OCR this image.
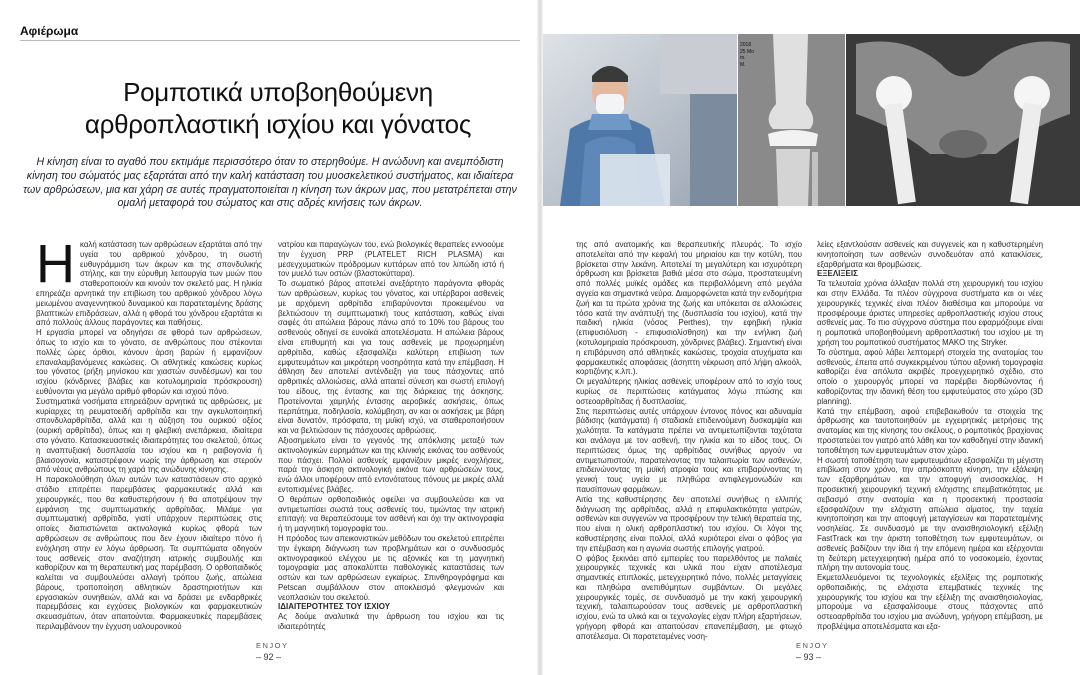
Αφιέρωμα
Ρομποτικά υποβοηθούμενη
αρθροπλαστική ισχίου και γόνατος
Η κίνηση είναι το αγαθό που εκτιμάμε περισσότερο όταν το στερηθούμε. Η ανώδυνη και ανεμπόδιστη κίνηση του σώματός μας εξαρτάται από την καλή κατάσταση του μυοσκελετικού συστήματος, και ιδιαίτερα των αρθρώσεων, μια και χάρη σε αυτές πραγματοποιείται η κίνηση των άκρων μας, που μετατρέπεται στην ομαλή μεταφορά του σώματος και στις αδρές κινήσεις των άκρων.
Η καλή κατάσταση των αρθρώσεων εξαρτάται από την υγεία του αρθρικού χόνδρου, τη σωστή ευθυγράμμιση των άκρων και της σπονδυλικής στήλης, και την εύρυθμη λειτουργία των μυών που σταθεροποιούν και κινούν τον σκελετό μας. Η ηλικία επηρεάζει αρνητικά την επιβίωση του αρθρικού χόνδρου λόγω μειωμένου αναγεννητικού δυναμικού και παρατεταμένης δράσης βλαπτικών επιδράσεων, αλλά η φθορά του χόνδρου εξαρτάται κι από πολλούς άλλους παράγοντες και παθήσεις.

Η εργασία μπορεί να οδηγήσει σε φθορά των αρθρώσεων, όπως το ισχίο και το γόνατο, σε ανθρώπους που στέκονται πολλές ώρες όρθιοι, κάνουν άρση βαρών ή εμφανίζουν επαναλαμβανόμενες κακώσεις. Οι αθλητικές κακώσεις κυρίως του γόνατος (ρήξη μηνίσκου και χιαστών συνδέσμων) και του ισχίου (κόνδρινες βλάβες και κοτυλομηριαία πρόσκρουση) ευθύνονται για μεγάλο αριθμό φθορών και ισχιού πόνο.

Συστηματικά νοσήματα επηρεάζουν αρνητικά τις αρθρώσεις, με κυρίαρχες τη ρευματοειδή αρθρίτιδα και την αγκυλοποιητική σπονδυλαρθρίτιδα, αλλά και η αύξηση του ουρικού οξέος (ουρική αρθρίτιδα), όπως και η φλεβική ανεπάρκεια, ιδιαίτερα στο γόνατο. Κατασκευαστικές ιδιαιτερότητες του σκελετού, όπως η αναπτυξιακή δυσπλασία του ισχίου και η ραιβογονία ή βλαισογονία, καταστρέφουν νωρίς την άρθρωση και στερούν από νέους ανθρώπους τη χαρά της ανώδυνης κίνησης.

Η παρακολούθηση όλων αυτών των καταστάσεων στο αρχικό στάδιο επιτρέπει παρεμβάσεις φαρμακευτικές αλλά και χειρουργικές, που θα καθυστερήσουν ή θα αποτρέψουν την εμφάνιση της συμπτωματικής αρθρίτιδας. Μιλάμε για συμπτωματική αρθρίτιδα, γιατί υπάρχουν περιπτώσεις στις οποίες διαπιστώνεται ακτινολογικά κυρίως φθορά των αρθρώσεων σε ανθρώπους που δεν έχουν ιδιαίτερο πόνο ή ενόχληση στην εν λόγω άρθρωση. Τα συμπτώματα οδηγούν τους ασθενείς στον αναζήτηση ιατρικής συμβουλής και καθορίζουν και τη θεραπευτική μας παρέμβαση. Ο ορθοπαιδικός καλείται να συμβουλεύσει αλλαγή τρόπου ζωής, απώλεια βάρους, τροποποίηση αθλητικών δραστηριοτήτων και εργασιακών συνηθειών, αλλά και να δράσει με ενδαρθρικές παρεμβάσεις και εγχύσεις βιολογικών και φαρμακευτικών σκευασμάτων, όταν απαιτούνται. Φαρμακευτικές παρεμβάσεις περιλαμβάνουν την έγχυση υαλουρονικού

νατρίου και παραγώγων του, ενώ βιολογικές θεραπείες εννοούμε την έγχυση PRP (PLATELET RICH PLASMA) και μεσεγχυματικών πρόδρομων κυττάρων από τον λιπώδη ιστό ή τον μυελό των οστών (βλαστοκύτταρα).

Το σωματικό βάρος αποτελεί ανεξάρτητο παράγοντα φθοράς των αρθρώσεων, κυρίως του γόνατος, και υπέρβαροι ασθενείς με αρχόμενη αρθρίτιδα επιβαρύνονται προκειμένου να βελτιώσουν τη συμπτωματική τους κατάσταση, καθώς είναι σαφές ότι απώλεια βάρους πάνω από το 10% του βάρους του ασθενούς οδηγεί σε ευνοϊκά αποτελέσματα. Η απώλεια βάρους είναι επιθυμητή και για τους ασθενείς με προχωρημένη αρθρίτιδα, καθώς εξασφαλίζει καλύτερη επιβίωση των εμφυτευμάτων και μικρότερη νοσηρότητα κατά την επέμβαση. Η άθληση δεν αποτελεί αντένδειξη για τους πάσχοντες από αρθριτικές αλλοιώσεις, αλλά απαιτεί σύνεση και σωστή επιλογή του είδους, της έντασης και της διάρκειας της άσκησης. Προτείνονται χαμηλής έντασης αεροβικές ασκήσεις, όπως περπάτημα, ποδηλασία, κολύμβηση, αν και οι ασκήσεις με βάρη είναι δυνατόν, πρόσφατα, τη μυϊκή ισχύ, να σταθεροποιήσουν και να βελτιώσουν τις πάσχουσες αρθρώσεις.

Αξιοσημείωτο είναι το γεγονός της απόκλισης μεταξύ των ακτινολογικών ευρημάτων και της κλινικής εικόνας του ασθενούς που πάσχει. Πολλοί ασθενείς εμφανίζουν μικρές ενοχλήσεις, παρά την άσκηση ακτινολογική εικόνα των αρθρώσεών τους, ενώ άλλοι υποφέρουν από εντονότατους πόνους με μικρές αλλά εντοπισμένες βλάβες.

Ο θεράπων ορθοπαιδικός οφείλει να συμβουλεύσει και να αντιμετωπίσει σωστά τους ασθενείς του, τιμώντας την ιατρική επιταγή: να θεραπεύσουμε τον ασθενή και όχι την ακτινογραφία ή τη μαγνητική τομογραφία του.

Η πρόοδος των απεικονιστικών μεθόδων του σκελετού επιτρέπει την έγκαιρη διάγνωση των προβλημάτων και ο συνδυασμός ακτινογραφικού ελέγχου με τις αξονικές και τη μαγνητική τομογραφία μας αποκαλύπτει παθολογικές καταστάσεις των οστών και των αρθρώσεων εγκαίρως. Σπινθηρογράφημα και Petscan συμβάλλουν στον αποκλεισμό φλεγμονών και νεοπλασιών του σκελετού.

ΙΔΙΑΙΤΕΡΟΤΗΤΕΣ ΤΟΥ ΙΣΧΙΟΥ

Ας δούμε αναλυτικά την άρθρωση του ισχίου και τις ιδιαιτερότητές

ENJOY
– 92 –
2018
25 Mo
m.
M.

της από ανατομικής και θεραπευτικής πλευράς. Το ισχίο αποτελείται από την κεφαλή του μηριαίου και την κοτύλη, που βρίσκεται στην λεκάνη. Αποτελεί τη μεγαλύτερη και ισχυρότερη άρθρωση και βρίσκεται βαθιά μέσα στο σώμα, προστατευμένη από πολλές μυϊκές ομάδες και περιβαλλόμενη από μεγάλα αγγεία και σημαντικά νεύρα. Διαμορφώνεται κατά την ενδομήτρια ζωή και τα πρώτα χρόνια της ζωής και υπόκειται σε αλλοιώσεις τόσο κατά την ανάπτυξή της (δυσπλασία του ισχίου), κατά την παιδική ηλικία (νόσος Perthes), την εφηβική ηλικία (επιφυσιόλυση - επιφυσιολίσθηση) και την ενήλικη ζωή (κοτυλομηριαία πρόσκρουση, χόνδρινες βλάβες). Σημαντική είναι η επιβάρυνση από αθλητικές κακώσεις, τροχαία ατυχήματα και φαρμακευτικές αποφάσεις (άσηπτη νέκρωση από λήψη αλκοόλ, κορτιζόνης κ.λπ.).

Οι μεγαλύτερης ηλικίας ασθενείς υποφέρουν από το ισχίο τους κυρίως σε περιπτώσεις κατάγματος λόγω πτώσης και οστεοαρθρίτιδας ή δυσπλασίας.

Στις περιπτώσεις αυτές υπάρχουν έντονος πόνος και αδυναμία βάδισης (κατάγματα) ή σταδιακά επιδεινούμενη δυσκαμψία και χωλότητα. Τα κατάγματα πρέπει να αντιμετωπίζονται ταχύτατα και ανάλογα με τον ασθενή, την ηλικία και το είδος τους. Οι περιπτώσεις όμως της αρθρίτιδας συνήθως αργούν να αντιμετωπιστούν, παρατείνοντας την ταλαιπωρία των ασθενών, επιδεινώνοντας τη μυϊκή ατροφία τους και επιβαρύνοντας τη γενική τους υγεία με πληθώρα αντιφλεγμονωδών και παυσίπονων φαρμάκων.

Αιτία της καθυστέρησης δεν αποτελεί συνήθως η ελλιπής διάγνωση της αρθρίτιδας, αλλά η επιφυλακτικότητα γιατρών, ασθενών και συγγενών να προσφέρουν την τελική θεραπεία της, που είναι η ολική αρθροπλαστική του ισχίου. Οι λόγοι της καθυστέρησης είναι πολλοί, αλλά κυριότεροι είναι ο φόβος για την επέμβαση και η αγωνία σωστής επιλογής γιατρού.

Ο φόβος ξεκινάει από εμπειρίες του παρελθόντος με παλαιές χειρουργικές τεχνικές και υλικά που είχαν αποτέλεσμα σημαντικές επιπλοκές, μετεγχειρητικό πόνο, πολλές μεταγγίσεις και πληθώρα ανεπιθύμητων συμβάντων. Οι μεγάλες χειρουργικές τομές, σε συνδυασμό με την κακή χειρουργική τεχνική, ταλαιπωρούσαν τους ασθενείς με αρθροπλαστική ισχίου, ενώ τα υλικά και οι τεχνολογίες είχαν πλήρη εξαρτήσεων, γρήγορη φθορά και απαιτούσαν επανεπέμβαση, με φτωχό αποτέλεσμα. Οι παρατεταμένες νοση-

λείες εξαντλούσαν ασθενείς και συγγενείς και η καθυστερημένη κινητοποίηση των ασθενών συνοδευόταν από κατακλίσεις, εξαρθρήματα και θρομβώσεις.

ΕΞΕΛΙΞΕΙΣ

Τα τελευταία χρόνια άλλαξαν πολλά στη χειρουργική του ισχίου και στην Ελλάδα. Τα πλέον σύγχρονα συστήματα και οι νέες χειρουργικές τεχνικές είναι πλέον διαθέσιμα και μπορούμε να προσφέρουμε άριστες υπηρεσίες αρθροπλαστικής ισχίου στους ασθενείς μας. Το πιο σύγχρονο σύστημα που εφαρμόζουμε είναι η ρομποτικά υποβοηθούμενη αρθροπλαστική του ισχίου με τη χρήση του ρομποτικού συστήματος MAKO της Stryker.

Το σύστημα, αφού λάβει λεπτομερή στοιχεία της ανατομίας του ασθενούς, έπειτα από συγκεκριμένου τύπου αξονική τομογραφία καθορίζει ένα απόλυτα ακριβές προεγχειρητικό σχέδιο, στο οποίο ο χειρουργός μπορεί να παρέμβει διορθώνοντας ή καθορίζοντας την ιδανική θέση του εμφυτεύματος στο χώρο (3D planning).

Κατά την επέμβαση, αφού επιβεβαιωθούν τα στοιχεία της άρθρωσης και ταυτοποιηθούν με εγχειρητικές μετρήσεις της ανατομίας και της κίνησης του σκέλους, ο ρομποτικός βραχίονας προστατεύει τον γιατρό από λάθη και τον καθοδηγεί στην ιδανική τοποθέτηση των εμφυτευμάτων στον χώρο.

Η σωστή τοποθέτηση των εμφυτευμάτων εξασφαλίζει τη μέγιστη επιβίωση στον χρόνο, την απρόσκοπτη κίνηση, την εξάλειψη των εξαρθρημάτων και την αποφυγή ανισοσκελίας. Η προσεκτική χειρουργική τεχνική ελάχιστης επεμβατικότητας με σεβασμό στην ανατομία και η προσεκτική προστασία εξασφαλίζουν την ελάχιστη απώλεια αίματος, την ταχεία κινητοποίηση και την αποφυγή μεταγγίσεων και παρατεταμένης νοσηλείας. Σε συνδυασμό με την αναισθησιολογική εξέλιξη FastTrack και την άριστη τοποθέτηση των εμφυτευμάτων, οι ασθενείς βαδίζουν την ίδια ή την επόμενη ημέρα και εξέρχονται τη δεύτερη μετεγχειρητική ημέρα από το νοσοκομείο, έχοντας πλήρη την αυτονομία τους.

Εκμεταλλευόμενοι τις τεχνολογικές εξελίξεις της ρομποτικής ορθοπαιδικής, τις ελάχιστα επεμβατικές τεχνικές της χειρουργικής του ισχίου και την εξέλιξη της αναισθησιολογίας, μπορούμε να εξασφαλίσουμε στους πάσχοντες από οστεοαρθρίτιδα του ισχίου μια ανώδυνη, γρήγορη επέμβαση, με προβλέψιμα αποτελέσματα και εξα-

ENJOY
– 93 –
